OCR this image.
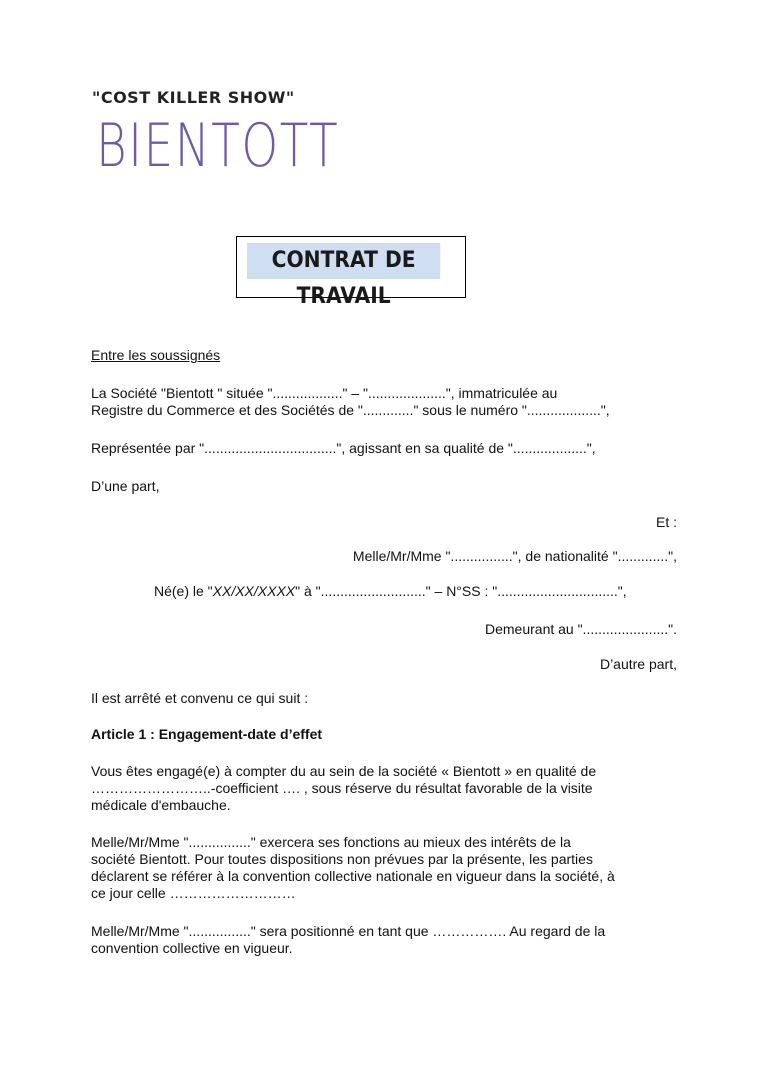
"COST KILLER SHOW"
BIENTOTT
CONTRAT DE TRAVAIL
Entre les soussignés
La Société "Bientott " située ".................." – "....................", immatriculée au
Registre du Commerce et des Sociétés de "............." sous le numéro "...................",
Représentée par "..................................", agissant en sa qualité de "...................",
D’une part,
Et :
Melle/Mr/Mme "................", de nationalité ".............",
Né(e) le "XX/XX/XXXX" à "..........................." – N°SS : "...............................",
Demeurant au "......................".
D’autre part,
Il est arrêté et convenu ce qui suit :
Article 1 : Engagement-date d’effet
Vous êtes engagé(e) à compter du au sein de la société « Bientott » en qualité de
……………………..-coefficient …. , sous réserve du résultat favorable de la visite
médicale d'embauche.
Melle/Mr/Mme "................" exercera ses fonctions au mieux des intérêts de la
société Bientott. Pour toutes dispositions non prévues par la présente, les parties
déclarent se référer à la convention collective nationale en vigueur dans la société, à
ce jour celle ………………………
Melle/Mr/Mme "................" sera positionné en tant que ……………. Au regard de la
convention collective en vigueur.
